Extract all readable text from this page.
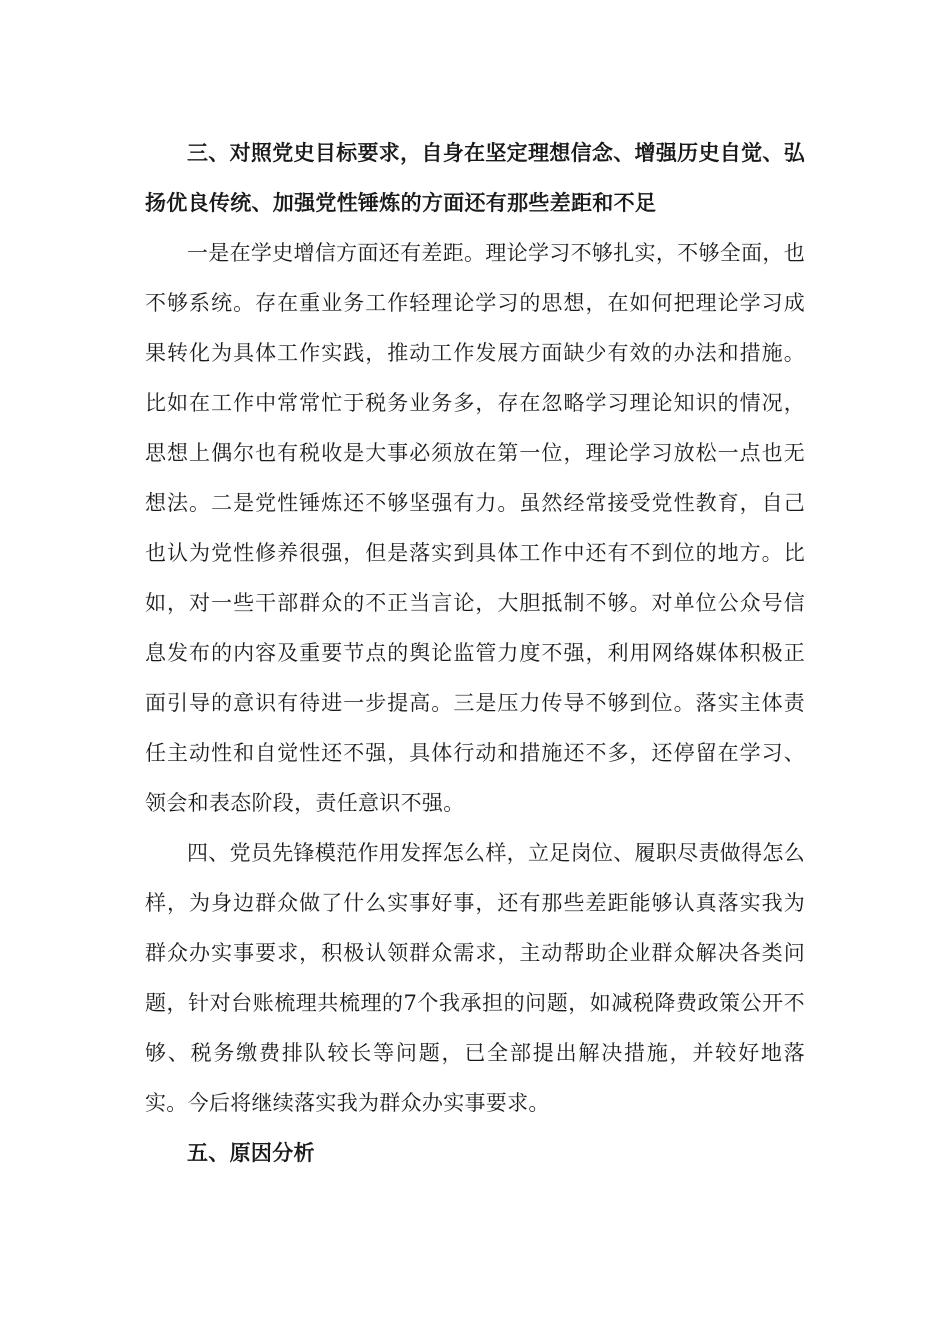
三、对照党史目标要求，自身在坚定理想信念、增强历史自觉、弘扬优良传统、加强党性锤炼的方面还有那些差距和不足

一是在学史增信方面还有差距。理论学习不够扎实，不够全面，也不够系统。存在重业务工作轻理论学习的思想，在如何把理论学习成果转化为具体工作实践，推动工作发展方面缺少有效的办法和措施。比如在工作中常常忙于税务业务多，存在忽略学习理论知识的情况，思想上偶尔也有税收是大事必须放在第一位，理论学习放松一点也无想法。二是党性锤炼还不够坚强有力。虽然经常接受党性教育，自己也认为党性修养很强，但是落实到具体工作中还有不到位的地方。比如，对一些干部群众的不正当言论，大胆抵制不够。对单位公众号信息发布的内容及重要节点的舆论监管力度不强，利用网络媒体积极正面引导的意识有待进一步提高。三是压力传导不够到位。落实主体责任主动性和自觉性还不强，具体行动和措施还不多，还停留在学习、领会和表态阶段，责任意识不强。

四、党员先锋模范作用发挥怎么样，立足岗位、履职尽责做得怎么样，为身边群众做了什么实事好事，还有那些差距能够认真落实我为群众办实事要求，积极认领群众需求，主动帮助企业群众解决各类问题，针对台账梳理共梳理的7个我承担的问题，如减税降费政策公开不够、税务缴费排队较长等问题，已全部提出解决措施，并较好地落实。今后将继续落实我为群众办实事要求。

五、原因分析
